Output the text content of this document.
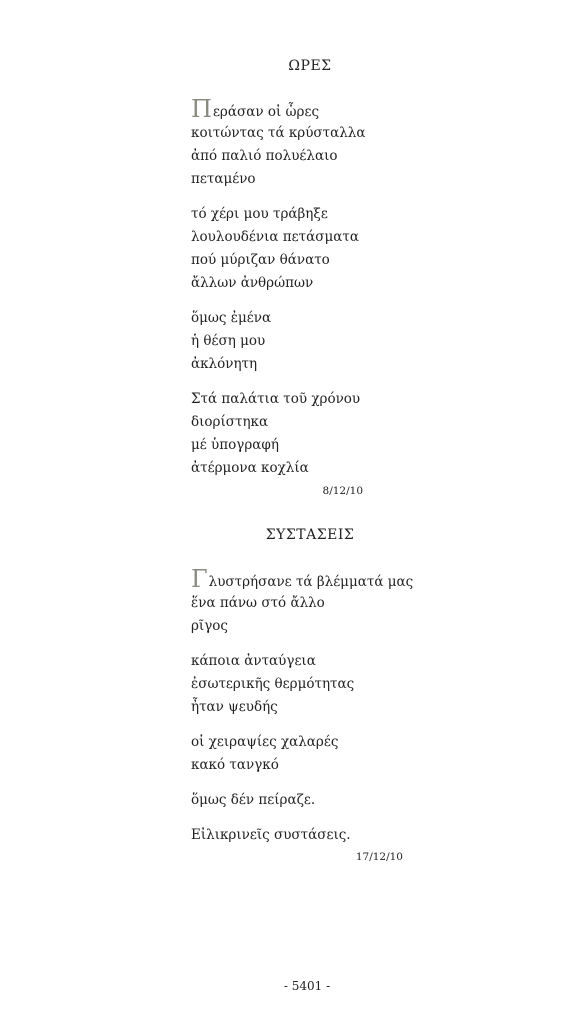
ΩΡΕΣ
Περάσαν οἱ ὧρες
κοιτώντας τά κρύσταλλα
ἀπό παλιό πολυέλαιο
πεταμένο
τό χέρι μου τράβηξε
λουλουδένια πετάσματα
πού μύριζαν θάνατο
ἄλλων ἀνθρώπων
ὅμως ἐμένα
ἡ θέση μου
ἀκλόνητη
Στά παλάτια τοῦ χρόνου
διορίστηκα
μέ ὑπογραφή
ἀτέρμονα κοχλία
8/12/10
ΣΥΣΤΑΣΕΙΣ
Γλυστρήσανε τά βλέμματά μας
ἕνα πάνω στό ἄλλο
ρῖγος
κάποια ἀνταύγεια
ἐσωτερικῆς θερμότητας
ἦταν ψευδής
οἱ χειραψίες χαλαρές
κακό τανγκό
ὅμως δέν πείραζε.
Εἰλικρινεῖς συστάσεις.
17/12/10
- 5401 -
